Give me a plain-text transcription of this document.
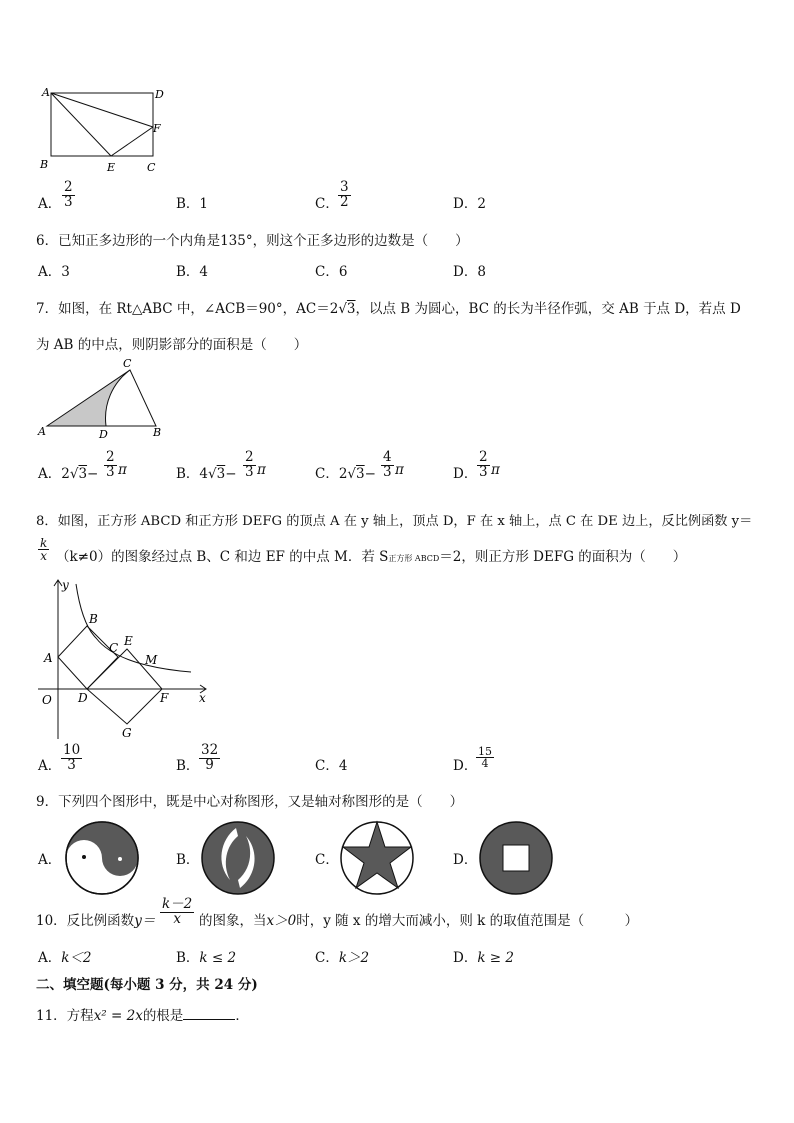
A	D
F
B	E	C
A． $\frac{2}{3}$	B．1	C． $\frac{3}{2}$	D．2
6．已知正多边形的一个内角是135°，则这个正多边形的边数是（　　）
A．3	B．4	C．6	D．8
7．如图，在 Rt△ABC 中，∠ACB＝90°，AC＝2√3，以点 B 为圆心，BC 的长为半径作弧，交 AB 于点 D，若点 D
为 AB 的中点，则阴影部分的面积是（　　）
C
A	D	B
A．$2√3- \frac{2}{3}$ π	B．$4√3- \frac{2}{3}$ π	C．$2√3- \frac{4}{3}$ π	D． $\frac{2}{3}$ π
8．如图，正方形 ABCD 和正方形 DEFG 的顶点 A 在 y 轴上，顶点 D，F 在 x 轴上，点 C 在 DE 边上，反比例函数 y＝
$\frac{k}{x} (k\ne 0)$的图象经过点 B、C 和边 EF 的中点 M．若 S正方形 ABCD＝2，则正方形 DEFG 的面积为（　　）
y
x
O
A
B
C E
M
D	F
G
A． $\frac{10}{3}$	B． $\frac{32}{9}$	C．4	D．
$\frac{15}{4}$
9．下列四个图形中，既是中心对称图形，又是轴对称图形的是（　　）
A．	B．	C．	D．
10．反比例函数$y= \frac{k-2}{x}$ 的图象，当x＞0时，y 随 x 的增大而减小，则 k 的取值范围是（　　　）
A．k＜2	B．k ≤ 2	C．k＞2	D．k ≥ 2
二、填空题(每小题 3 分，共 24 分)
11．方程x² = 2x的根是	．
